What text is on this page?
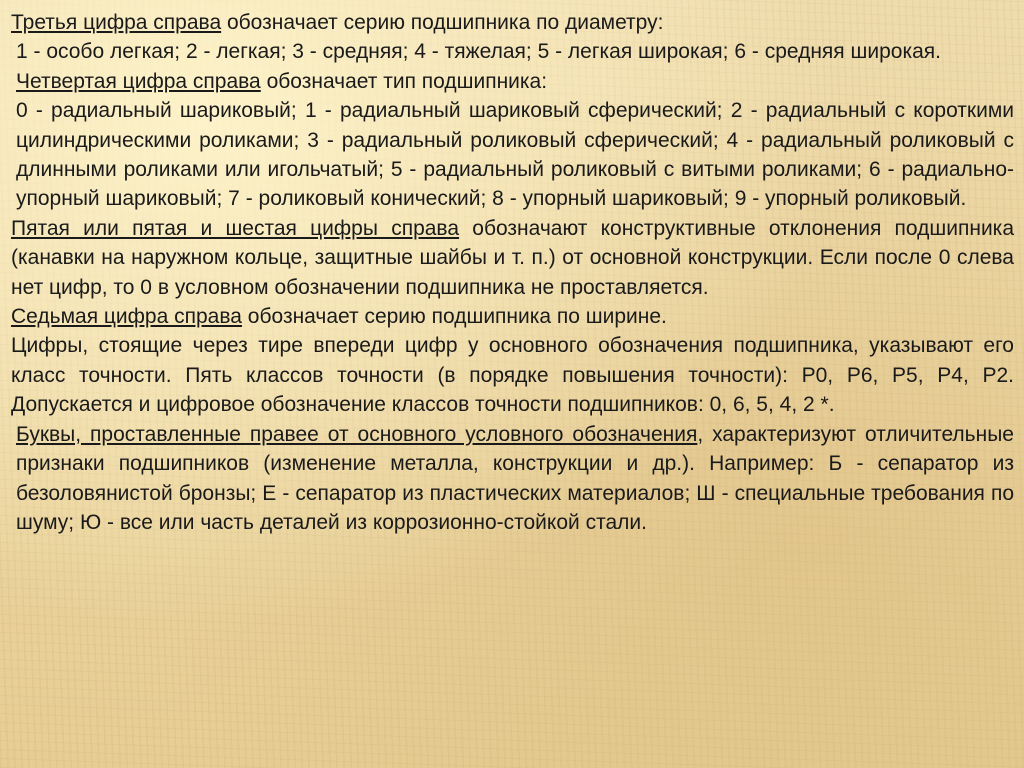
Третья цифра справа обозначает серию подшипника по диаметру:

1 - особо легкая; 2 - легкая; 3 - средняя; 4 - тяжелая; 5 - легкая широкая; 6 - средняя широкая.

Четвертая цифра справа обозначает тип подшипника:

0 - радиальный шариковый; 1 - радиальный шариковый сферический; 2 - радиальный с короткими цилиндрическими роликами; 3 - радиальный роликовый сферический; 4 - радиальный роликовый с длинными роликами или игольчатый; 5 - радиальный роликовый с витыми роликами; 6 - радиально-упорный шариковый; 7 - роликовый конический; 8 - упорный шариковый; 9 - упорный роликовый.

Пятая или пятая и шестая цифры справа обозначают конструктивные отклонения подшипника (канавки на наружном кольце, защитные шайбы и т. п.) от основной конструкции. Если после 0 слева нет цифр, то 0 в условном обозначении подшипника не проставляется.

Седьмая цифра справа обозначает серию подшипника по ширине.

Цифры, стоящие через тире впереди цифр у основного обозначения подшипника, указывают его класс точности. Пять классов точности (в порядке повышения точности): Р0, Р6, Р5, Р4, Р2. Допускается и цифровое обозначение классов точности подшипников: 0, 6, 5, 4, 2 *.

Буквы, проставленные правее от основного условного обозначения, характеризуют отличительные признаки подшипников (изменение металла, конструкции и др.). Например: Б - сепаратор из безоловянистой бронзы; Е - сепаратор из пластических материалов; Ш - специальные требования по шуму; Ю - все или часть деталей из коррозионно-стойкой стали.
